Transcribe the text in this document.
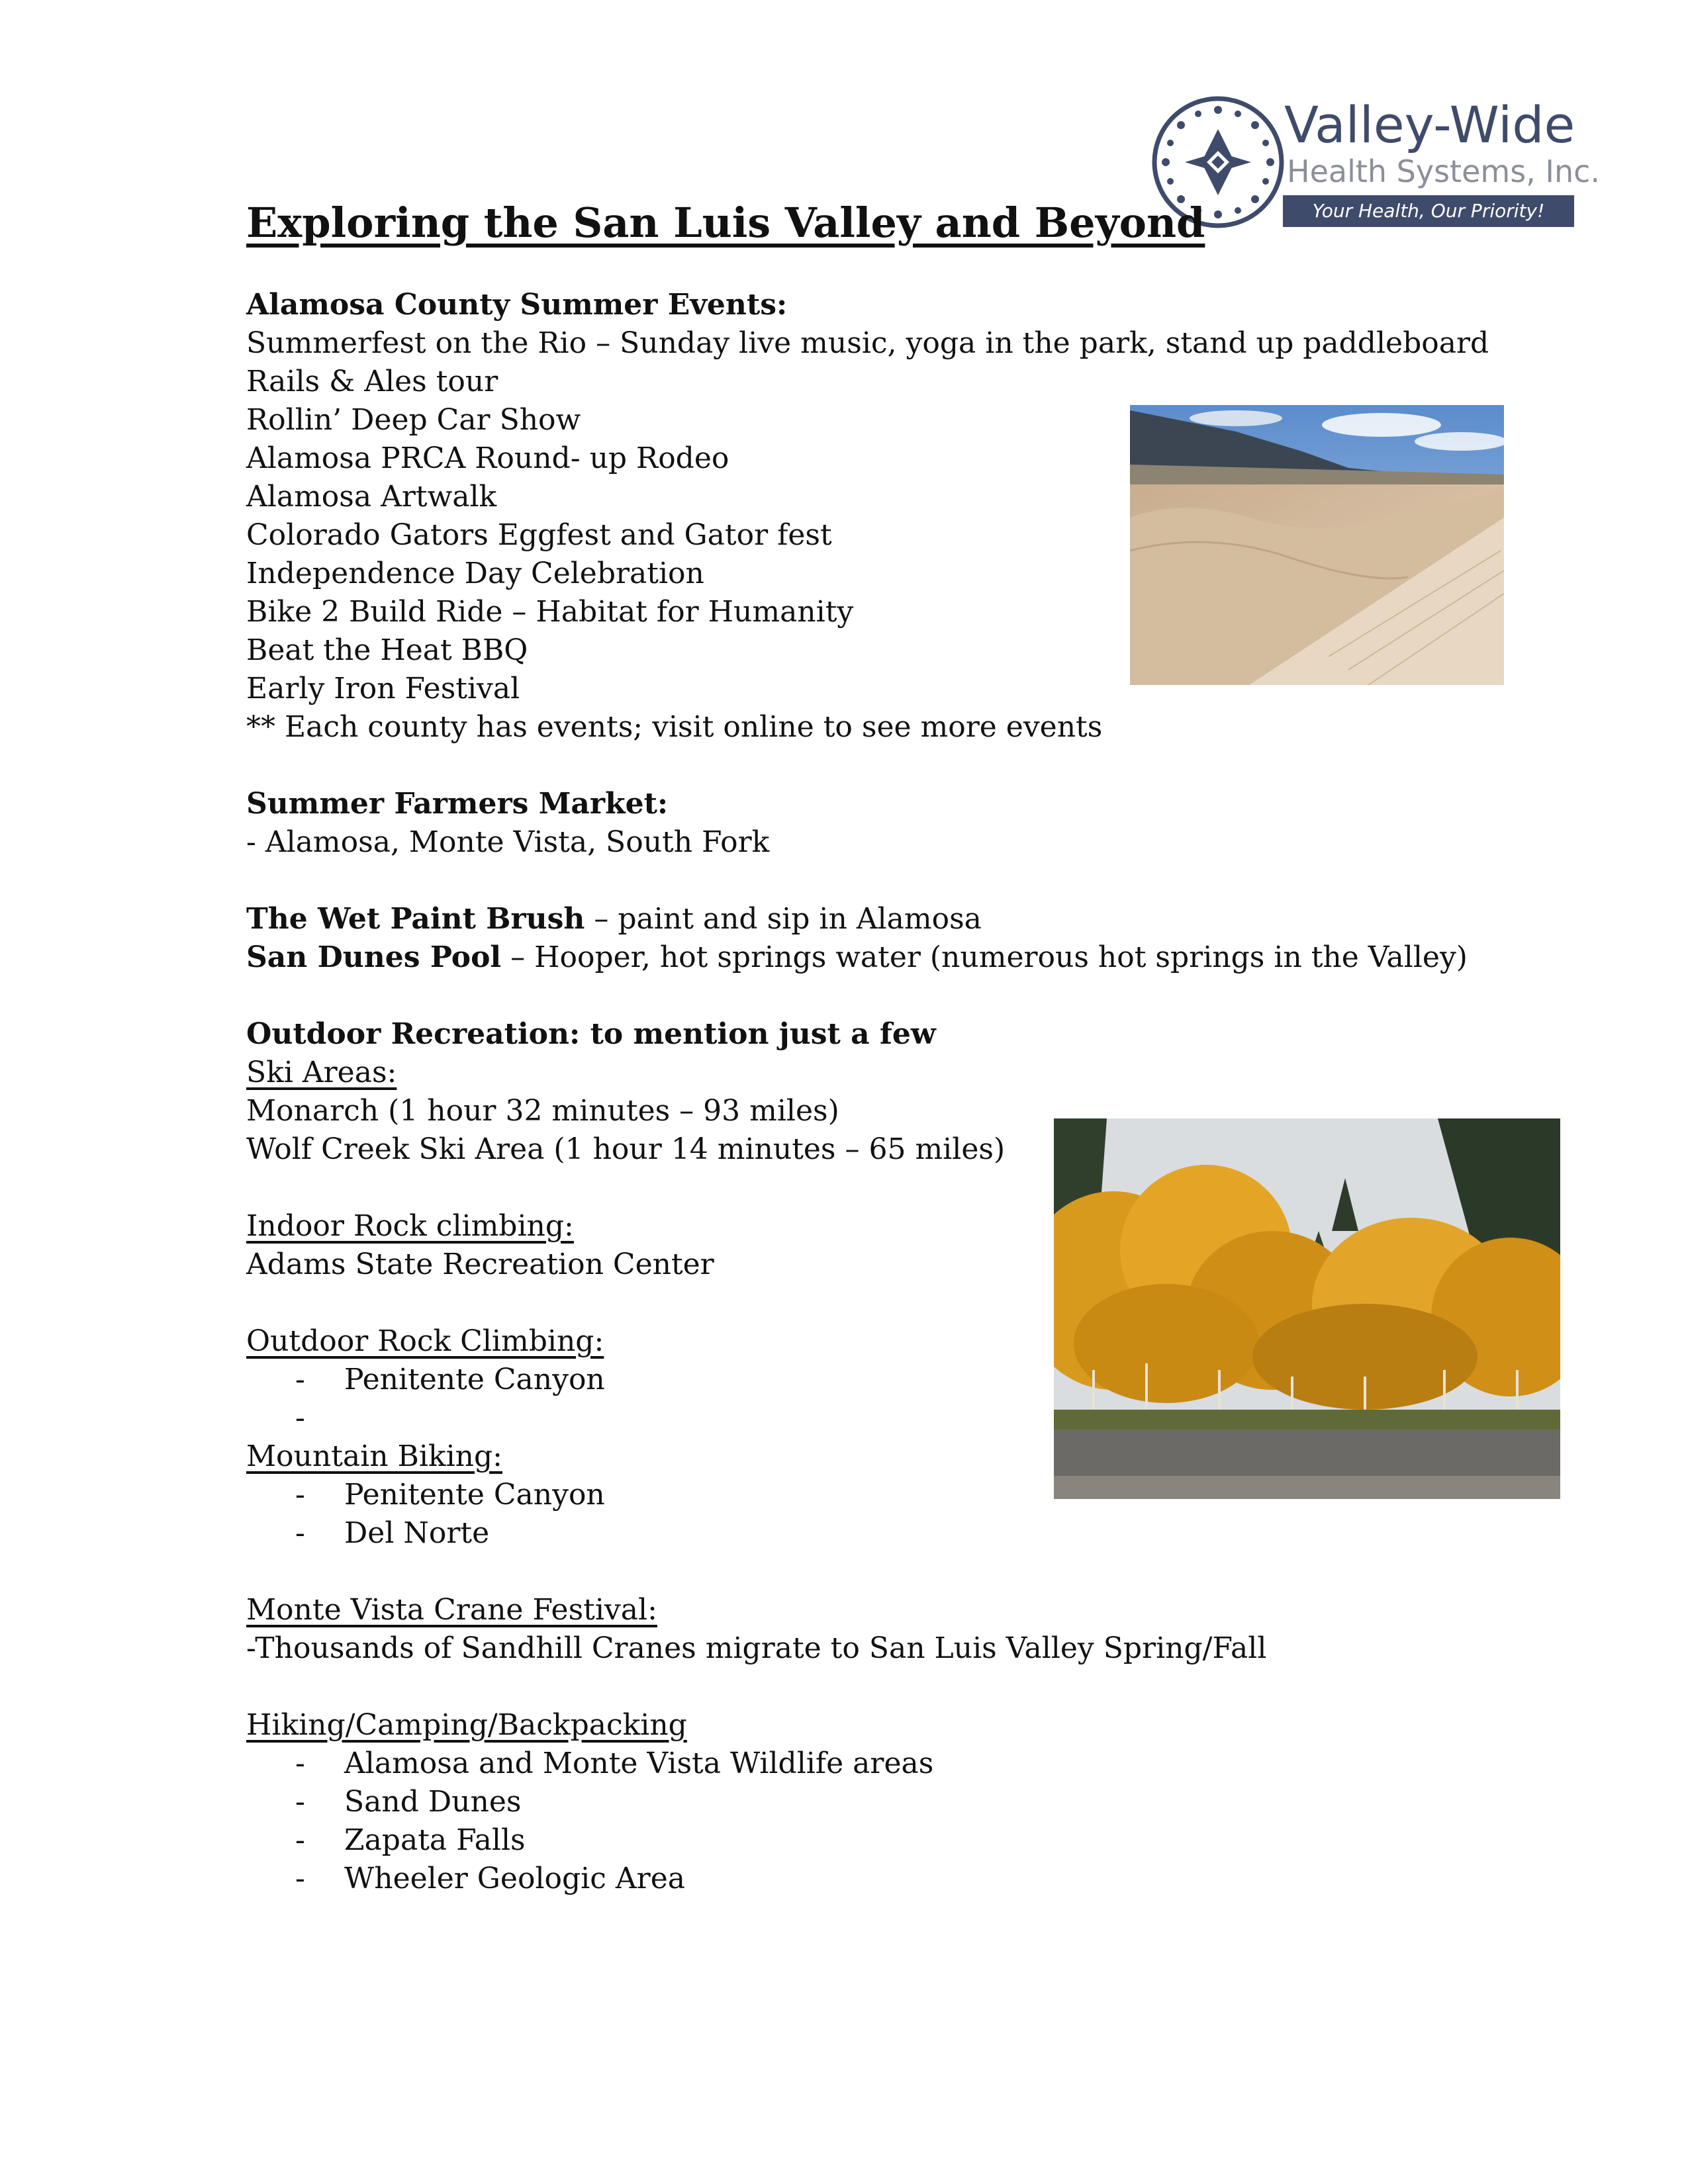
Valley-Wide
Health Systems, Inc.
Your Health, Our Priority!
Exploring the San Luis Valley and Beyond
Alamosa County Summer Events:
Summerfest on the Rio – Sunday live music, yoga in the park, stand up paddleboard
Rails & Ales tour
Rollin’ Deep Car Show
Alamosa PRCA Round- up Rodeo
Alamosa Artwalk
Colorado Gators Eggfest and Gator fest
Independence Day Celebration
Bike 2 Build Ride – Habitat for Humanity
Beat the Heat BBQ
Early Iron Festival
** Each county has events; visit online to see more events
Summer Farmers Market:
- Alamosa, Monte Vista, South Fork
The Wet Paint Brush – paint and sip in Alamosa
San Dunes Pool – Hooper, hot springs water (numerous hot springs in the Valley)
Outdoor Recreation: to mention just a few
Ski Areas:
Monarch (1 hour 32 minutes – 93 miles)
Wolf Creek Ski Area (1 hour 14 minutes – 65 miles)
Indoor Rock climbing:
Adams State Recreation Center
Outdoor Rock Climbing:
- Penitente Canyon
-
Mountain Biking:
- Penitente Canyon
- Del Norte
Monte Vista Crane Festival:
-Thousands of Sandhill Cranes migrate to San Luis Valley Spring/Fall
Hiking/Camping/Backpacking
- Alamosa and Monte Vista Wildlife areas
- Sand Dunes
- Zapata Falls
- Wheeler Geologic Area
